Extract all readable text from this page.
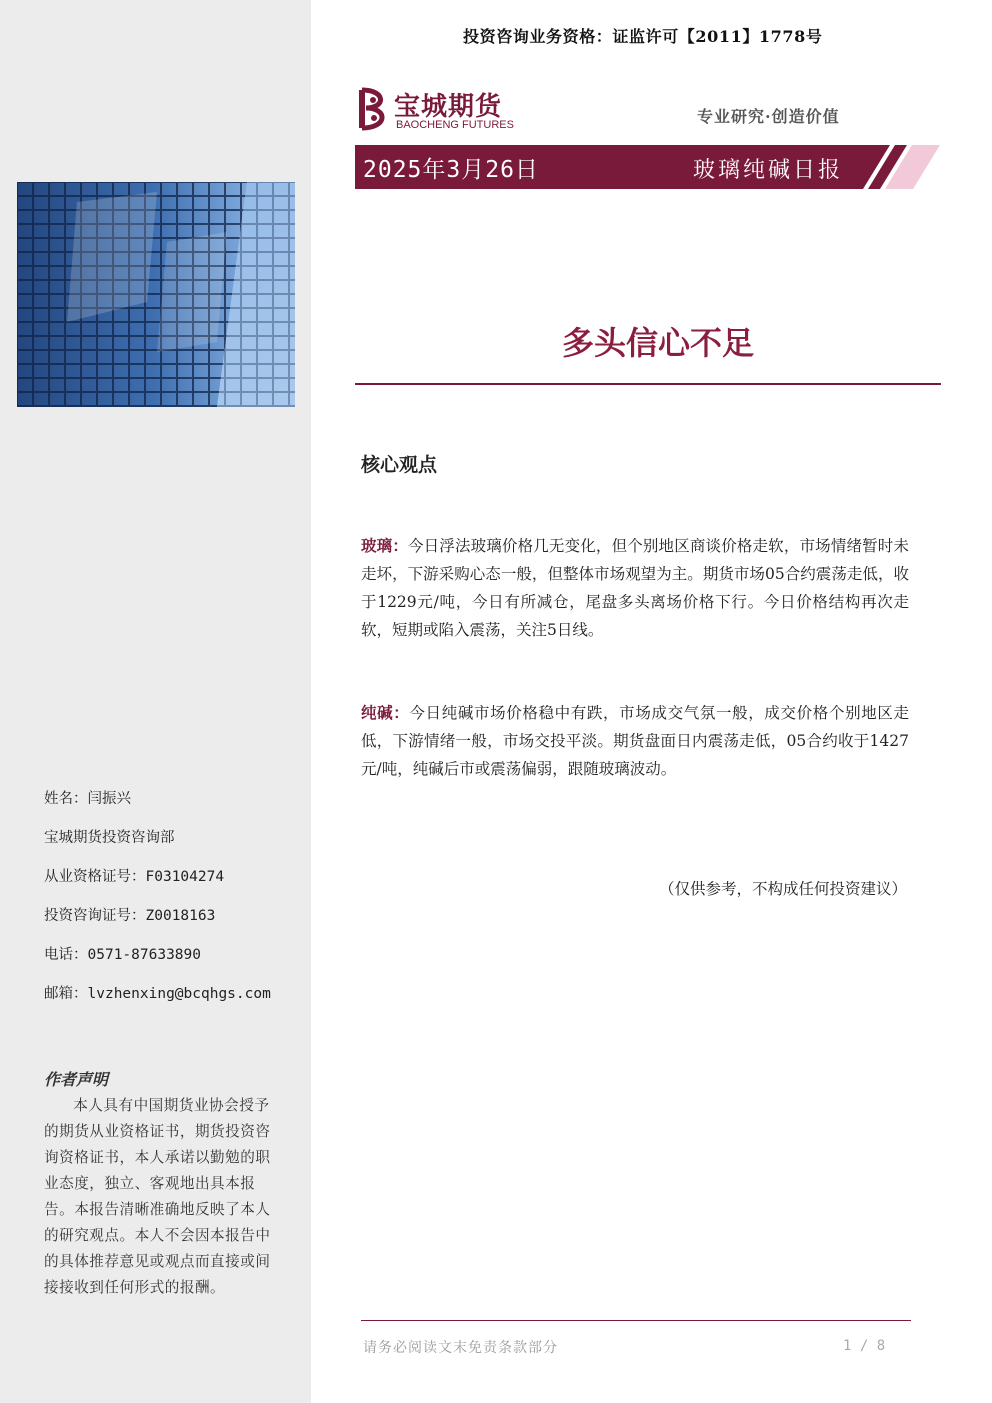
姓名：闫振兴
宝城期货投资咨询部
从业资格证号：F03104274
投资咨询证号：Z0018163
电话：0571-87633890
邮箱：lvzhenxing@bcqhgs.com
作者声明
本人具有中国期货业协会授予的期货从业资格证书，期货投资咨询资格证书，本人承诺以勤勉的职业态度，独立、客观地出具本报告。本报告清晰准确地反映了本人的研究观点。本人不会因本报告中的具体推荐意见或观点而直接或间接接收到任何形式的报酬。
投资咨询业务资格：证监许可【2011】1778号
宝城期货
BAOCHENG FUTURES	专业研究·创造价值
2025年3月26日	玻璃纯碱日报
多头信心不足
核心观点
玻璃：今日浮法玻璃价格几无变化，但个别地区商谈价格走软，市场情绪暂时未走坏，下游采购心态一般，但整体市场观望为主。期货市场05合约震荡走低，收于1229元/吨，今日有所减仓，尾盘多头离场价格下行。今日价格结构再次走软，短期或陷入震荡，关注5日线。
纯碱：今日纯碱市场价格稳中有跌，市场成交气氛一般，成交价格个别地区走低，下游情绪一般，市场交投平淡。期货盘面日内震荡走低，05合约收于1427元/吨，纯碱后市或震荡偏弱，跟随玻璃波动。
（仅供参考，不构成任何投资建议）
请务必阅读文末免责条款部分	1 / 8
